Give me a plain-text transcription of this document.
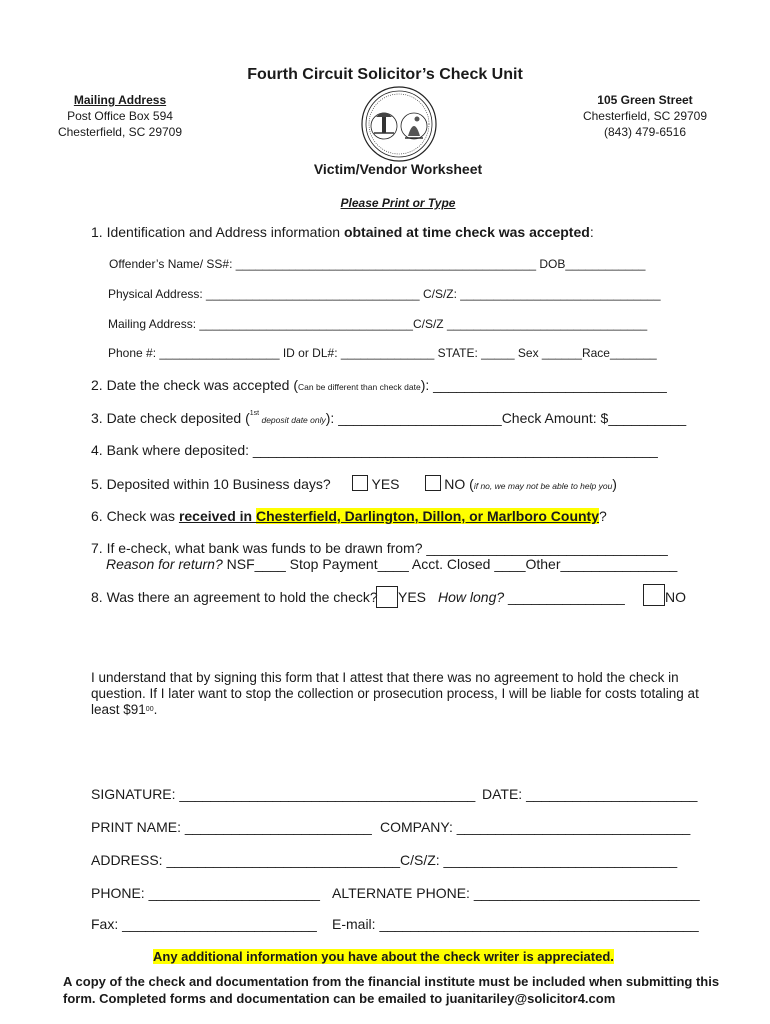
Fourth Circuit Solicitor’s Check Unit
Mailing Address
Post Office Box 594
Chesterfield, SC 29709
105 Green Street
Chesterfield, SC 29709
(843) 479-6516
Victim/Vendor Worksheet
Please Print or Type
1. Identification and Address information obtained at time check was accepted:
Offender’s Name/ SS#: _____________________________________________ DOB____________
Physical Address: ________________________________ C/S/Z: ______________________________
Mailing Address: ________________________________C/S/Z ______________________________
Phone #: __________________ ID or DL#: ______________ STATE: _____ Sex ______Race_______
2. Date the check was accepted (Can be different than check date): ______________________________
3. Date check deposited ($^{1st}$ deposit date only): _____________________Check Amount: $__________
4. Bank where deposited: ____________________________________________________
5. Deposited within 10 Business days?	YES	NO (if no, we may not be able to help you)
6. Check was received in Chesterfield, Darlington, Dillon, or Marlboro County?
7. If e-check, what bank was funds to be drawn from? _______________________________
Reason for return? NSF____ Stop Payment____ Acct. Closed ____Other_______________
8. Was there an agreement to hold the check? YES How long? _______________	NO
I understand that by signing this form that I attest that there was no agreement to hold the check in question. If I later want to stop the collection or prosecution process, I will be liable for costs totaling at least $\$91^{00}$.
SIGNATURE: ______________________________________ DATE: ______________________
PRINT NAME: ________________________ COMPANY: ______________________________
ADDRESS: ______________________________ C/S/Z: ______________________________
PHONE: ______________________ ALTERNATE PHONE: _____________________________
Fax: _________________________ E-mail: _________________________________________
Any additional information you have about the check writer is appreciated.
A copy of the check and documentation from the financial institute must be included when submitting this form. Completed forms and documentation can be emailed to juanitariley@solicitor4.com
